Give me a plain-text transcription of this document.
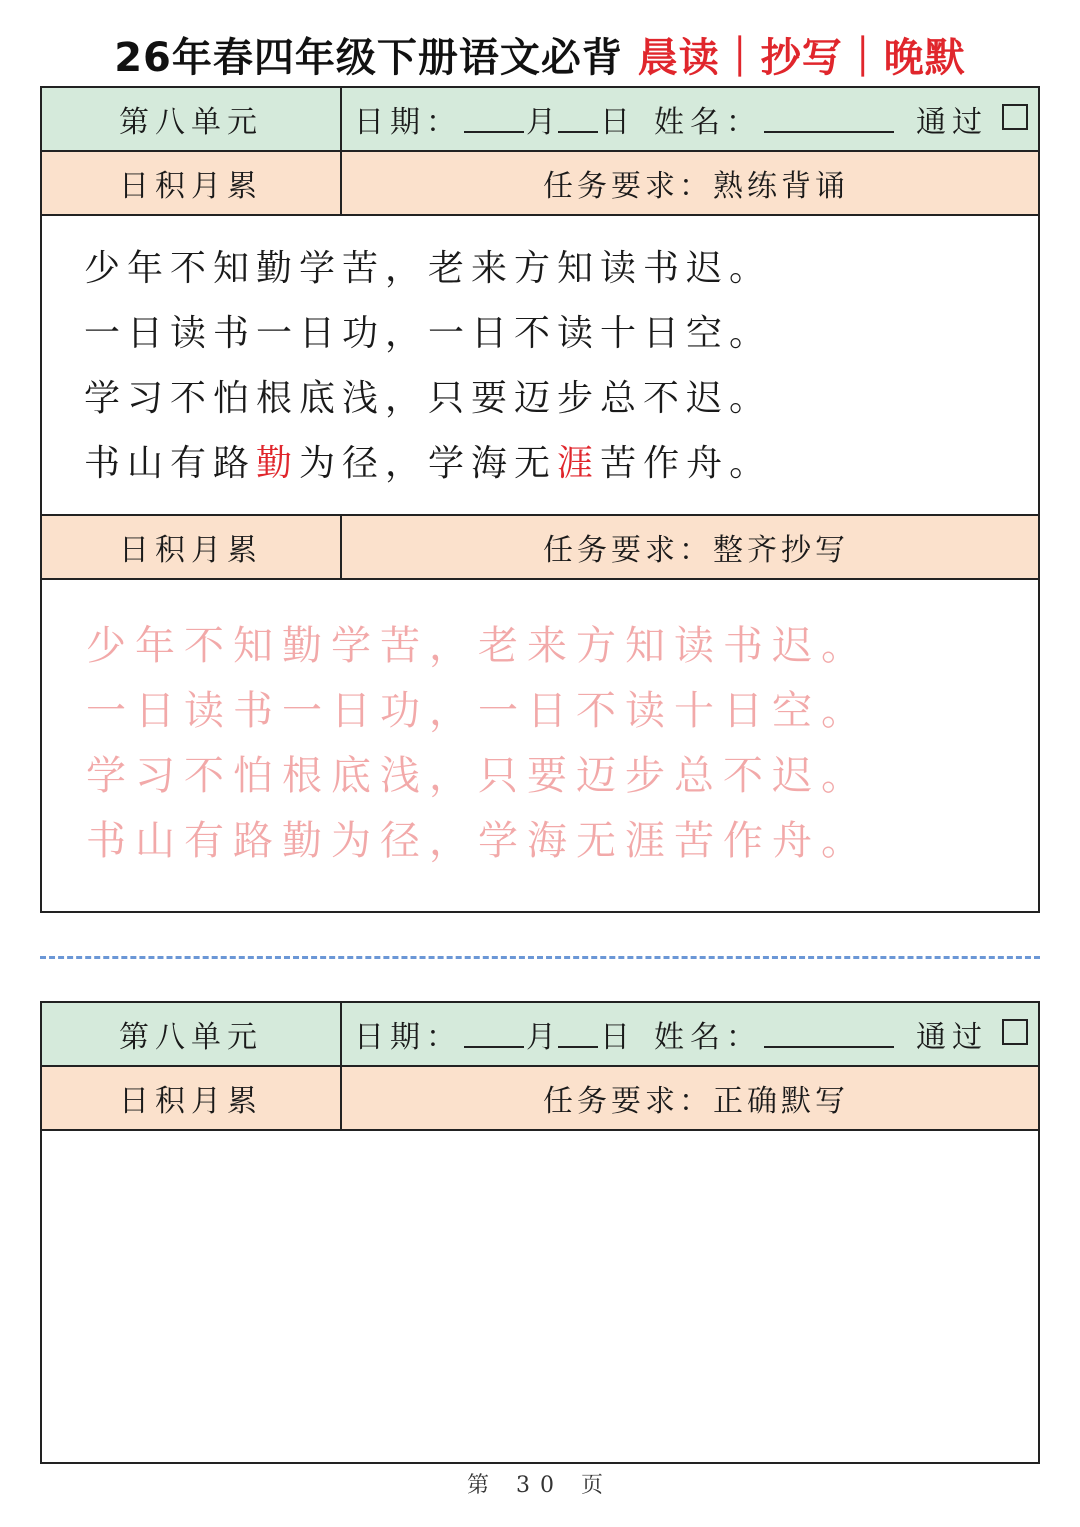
26年春四年级下册语文必背 晨读｜抄写｜晚默
第八单元	日期： 月 日 姓名：	通过
日积月累	任务要求：熟练背诵
少年不知勤学苦，老来方知读书迟。
一日读书一日功，一日不读十日空。
学习不怕根底浅，只要迈步总不迟。
书山有路勤为径，学海无涯苦作舟。
日积月累	任务要求：整齐抄写
少年不知勤学苦，老来方知读书迟。
一日读书一日功，一日不读十日空。
学习不怕根底浅，只要迈步总不迟。
书山有路勤为径，学海无涯苦作舟。
第八单元	日期： 月 日 姓名：	通过
日积月累	任务要求：正确默写
第 30 页
